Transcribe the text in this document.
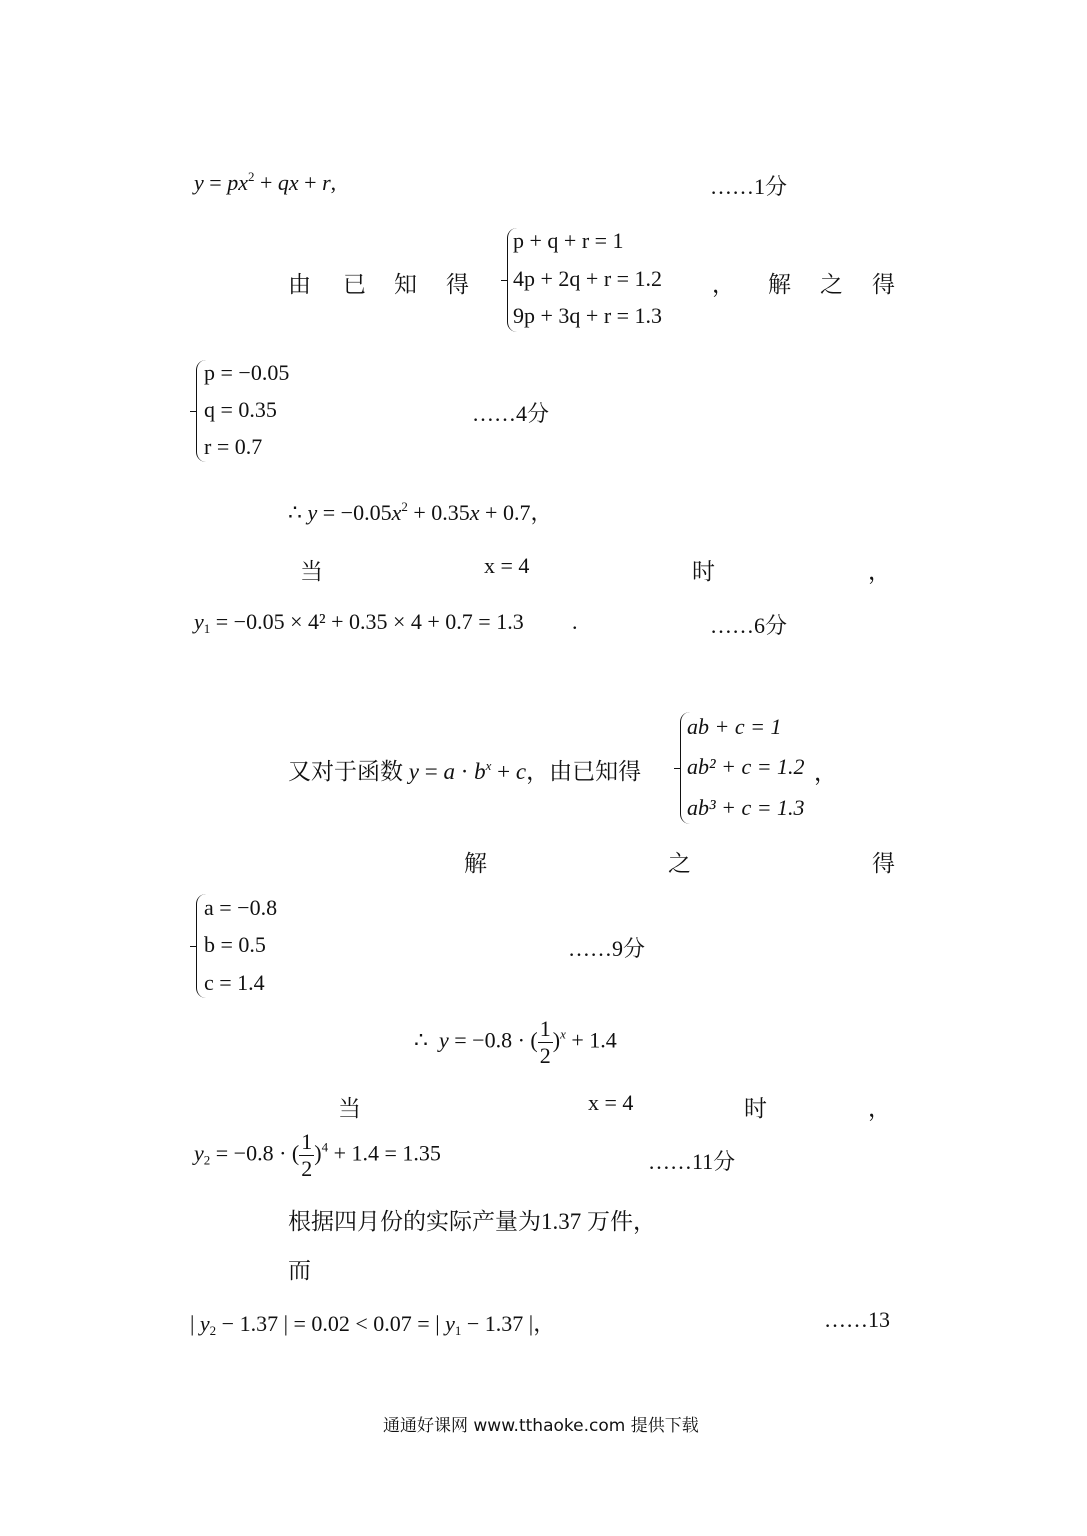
$y = px^2$ + qx + r,	……1分
由 已 知 得
p + q + r = 1
4p + 2q + r = 1.2
9p + 3q + r = 1.3
， 解 之 得
p = −0.05
q = 0.35
r = 0.7
……4分
∴ $y = -0.05x^2 + 0.35x + 0.7$，
当	x = 4	时	，
$y_1 = -0.05 \times 4^2 + 0.35 \times 4 + 0.7 = 1.3$ .	……6分
又对于函数 $y = a \cdot b^x + c$，由已知得
ab + c = 1
ab² + c = 1.2
ab³ + c = 1.3
，
解	之	得
a = −0.8
b = 0.5
c = 1.4
……9分
∴ y = −0.8 · ( $\frac{1}{2} )^x + 1.4$
当	x = 4	时	，
$y_2 = -0.8$ · ( $\frac{1}{2} )^4 + 1.4 = 1.35$	……11分
根据四月份的实际产量为1.37 万件，
而
| $y_2 - 1.37$ | = 0.02 < 0.07 = | $y_1 - 1.37$ |，	……13
通通好课网 www.tthaoke.com 提供下载
